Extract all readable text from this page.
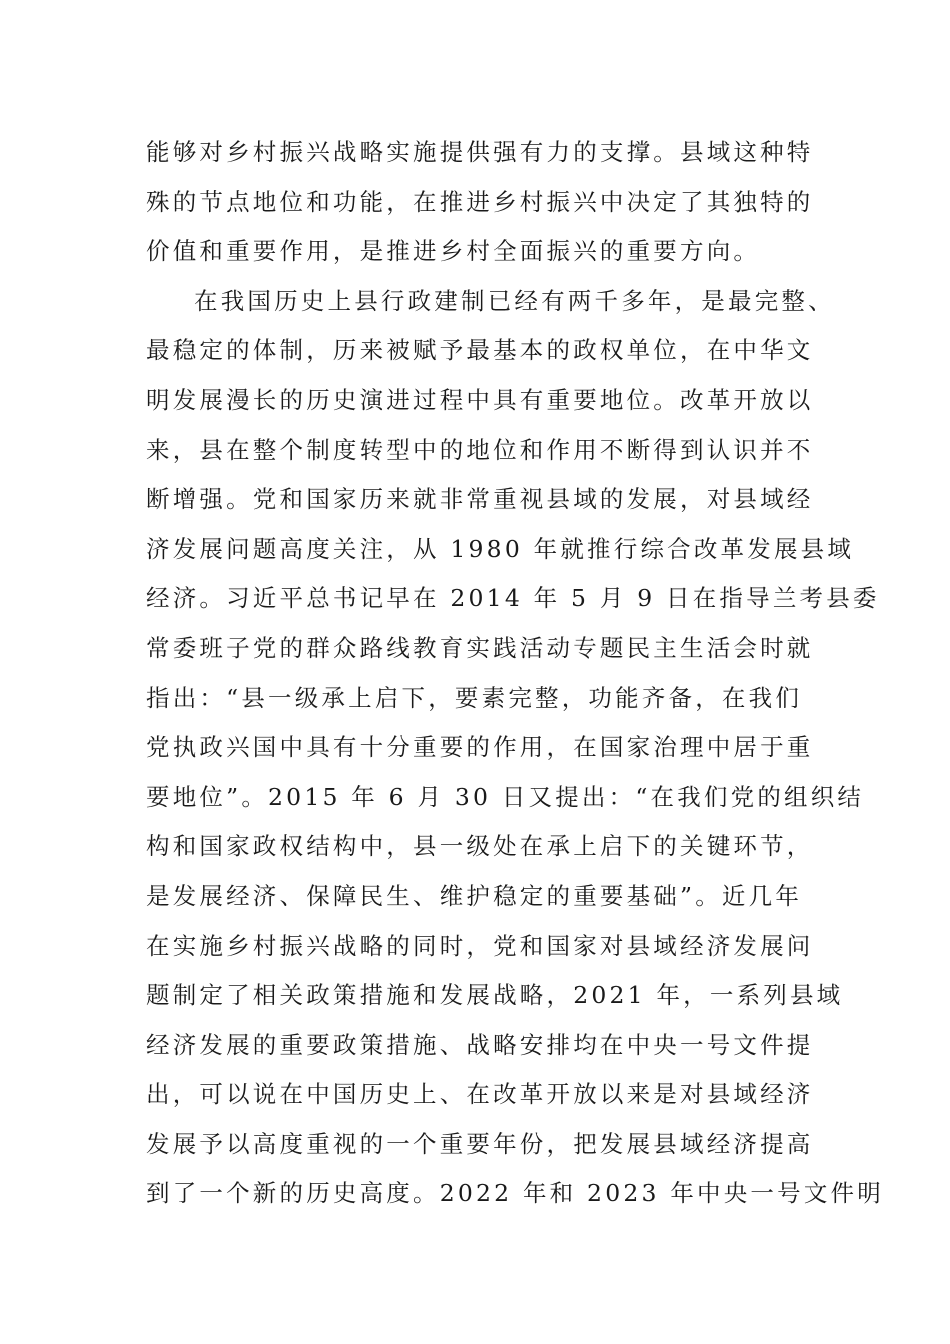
能够对乡村振兴战略实施提供强有力的支撑。县域这种特
殊的节点地位和功能，在推进乡村振兴中决定了其独特的
价值和重要作用，是推进乡村全面振兴的重要方向。
在我国历史上县行政建制已经有两千多年，是最完整、
最稳定的体制，历来被赋予最基本的政权单位，在中华文
明发展漫长的历史演进过程中具有重要地位。改革开放以
来，县在整个制度转型中的地位和作用不断得到认识并不
断增强。党和国家历来就非常重视县域的发展，对县域经
济发展问题高度关注，从 1980 年就推行综合改革发展县域
经济。习近平总书记早在 2014 年 5 月 9 日在指导兰考县委
常委班子党的群众路线教育实践活动专题民主生活会时就
指出：“县一级承上启下，要素完整，功能齐备，在我们
党执政兴国中具有十分重要的作用，在国家治理中居于重
要地位”。2015 年 6 月 30 日又提出：“在我们党的组织结
构和国家政权结构中，县一级处在承上启下的关键环节，
是发展经济、保障民生、维护稳定的重要基础”。近几年
在实施乡村振兴战略的同时，党和国家对县域经济发展问
题制定了相关政策措施和发展战略，2021 年，一系列县域
经济发展的重要政策措施、战略安排均在中央一号文件提
出，可以说在中国历史上、在改革开放以来是对县域经济
发展予以高度重视的一个重要年份，把发展县域经济提高
到了一个新的历史高度。2022 年和 2023 年中央一号文件明
